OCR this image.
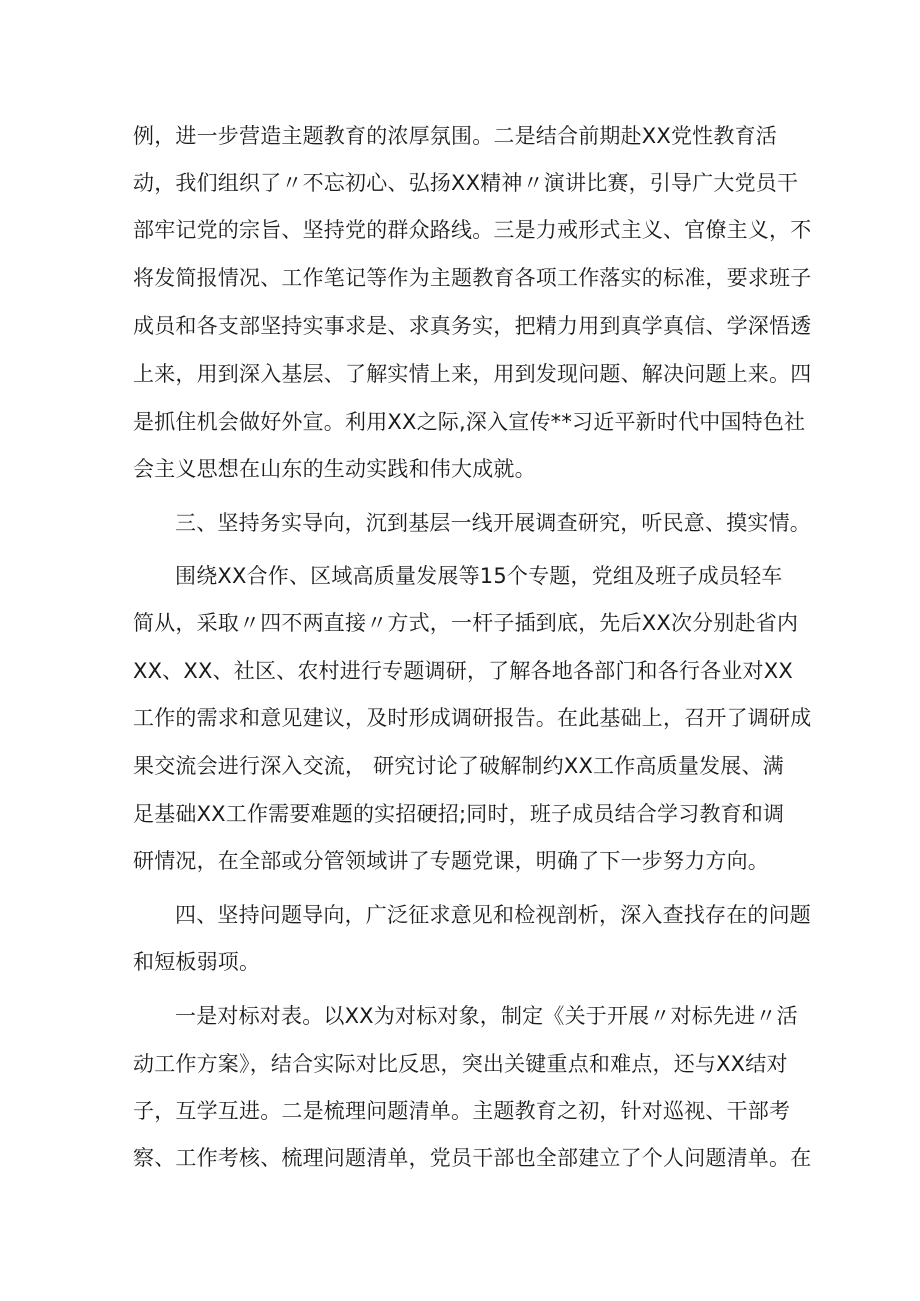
例，进一步营造主题教育的浓厚氛围。二是结合前期赴XX党性教育活
动，我们组织了〃不忘初心、弘扬XX精神〃演讲比赛，引导广大党员干
部牢记党的宗旨、坚持党的群众路线。三是力戒形式主义、官僚主义，不
将发简报情况、工作笔记等作为主题教育各项工作落实的标准，要求班子
成员和各支部坚持实事求是、求真务实，把精力用到真学真信、学深悟透
上来，用到深入基层、了解实情上来，用到发现问题、解决问题上来。四
是抓住机会做好外宣。利用XX之际,深入宣传**习近平新时代中国特色社
会主义思想在山东的生动实践和伟大成就。
三、坚持务实导向，沉到基层一线开展调查研究，听民意、摸实情。
围绕XX合作、区域高质量发展等15个专题，党组及班子成员轻车
简从，采取〃四不两直接〃方式，一杆子插到底，先后XX次分别赴省内
XX、XX、社区、农村进行专题调研，了解各地各部门和各行各业对XX
工作的需求和意见建议，及时形成调研报告。在此基础上，召开了调研成
果交流会进行深入交流， 研究讨论了破解制约XX工作高质量发展、满
足基础XX工作需要难题的实招硬招;同时，班子成员结合学习教育和调
研情况，在全部或分管领域讲了专题党课，明确了下一步努力方向。
四、坚持问题导向，广泛征求意见和检视剖析，深入查找存在的问题
和短板弱项。
一是对标对表。以XX为对标对象，制定《关于开展〃对标先进〃活
动工作方案》，结合实际对比反思，突出关键重点和难点，还与XX结对
子，互学互进。二是梳理问题清单。主题教育之初，针对巡视、干部考
察、工作考核、梳理问题清单，党员干部也全部建立了个人问题清单。在
